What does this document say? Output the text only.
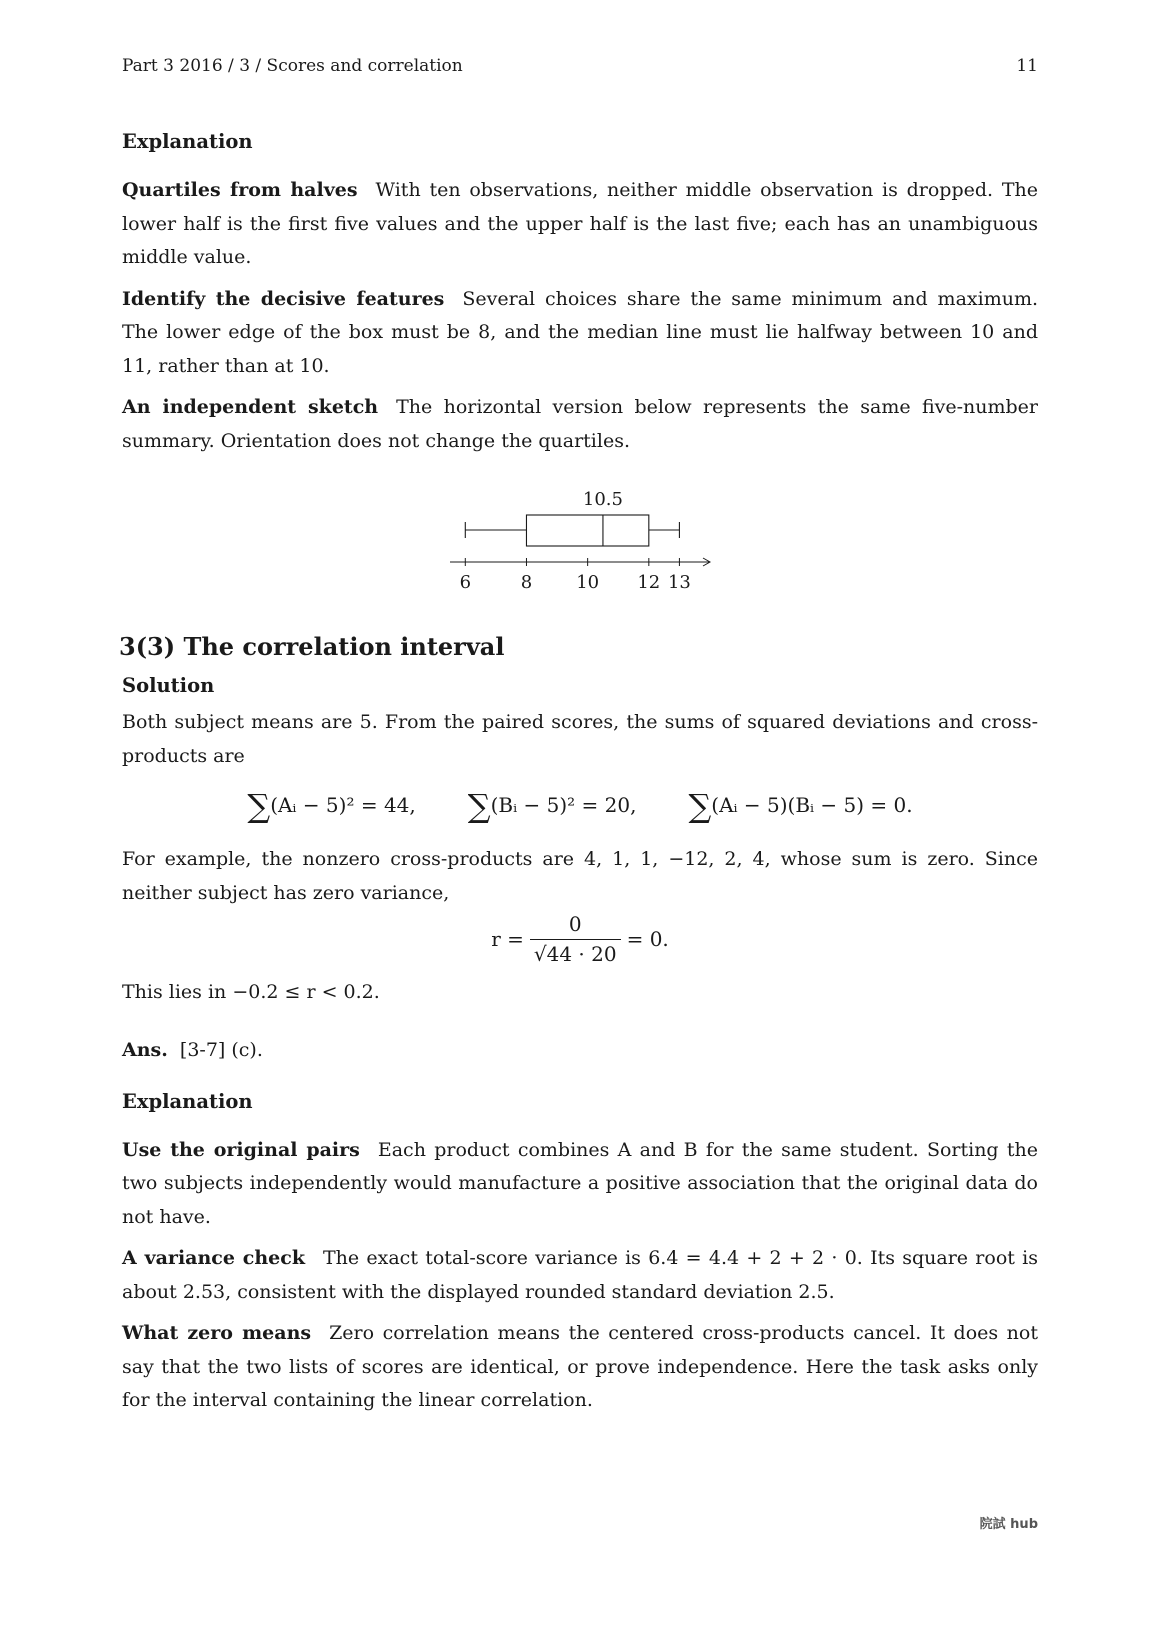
Part 3 2016 / 3 / Scores and correlation	11
Explanation

Quartiles from halves With ten observations, neither middle observation is dropped. The lower half is the first five values and the upper half is the last five; each has an unambiguous middle value.

Identify the decisive features Several choices share the same minimum and maximum. The lower edge of the box must be 8, and the median line must lie halfway between 10 and 11, rather than at 10.

An independent sketch The horizontal version below represents the same five-number summary. Orientation does not change the quartiles.

10.5
6	8 10 12 13
3(3) The correlation interval
Solution

Both subject means are 5. From the paired scores, the sums of squared deviations and cross-products are

∑(Aᵢ − 5)² = 44, ∑(Bᵢ − 5)² = 20, ∑(Aᵢ − 5)(Bᵢ − 5) = 0.

For example, the nonzero cross-products are 4, 1, 1, −12, 2, 4, whose sum is zero. Since neither subject has zero variance,

$r = \frac{0}{√44 \cdot 20} = 0$.

This lies in −0.2 ≤ r < 0.2.

Ans. [3-7] (c).
Explanation

Use the original pairs Each product combines A and B for the same student. Sorting the two subjects independently would manufacture a positive association that the original data do not have.

A variance check The exact total-score variance is 6.4 = 4.4 + 2 + 2 · 0. Its square root is about 2.53, consistent with the displayed rounded standard deviation 2.5.

What zero means Zero correlation means the centered cross-products cancel. It does not say that the two lists of scores are identical, or prove independence. Here the task asks only for the interval containing the linear correlation.

院試 hub
